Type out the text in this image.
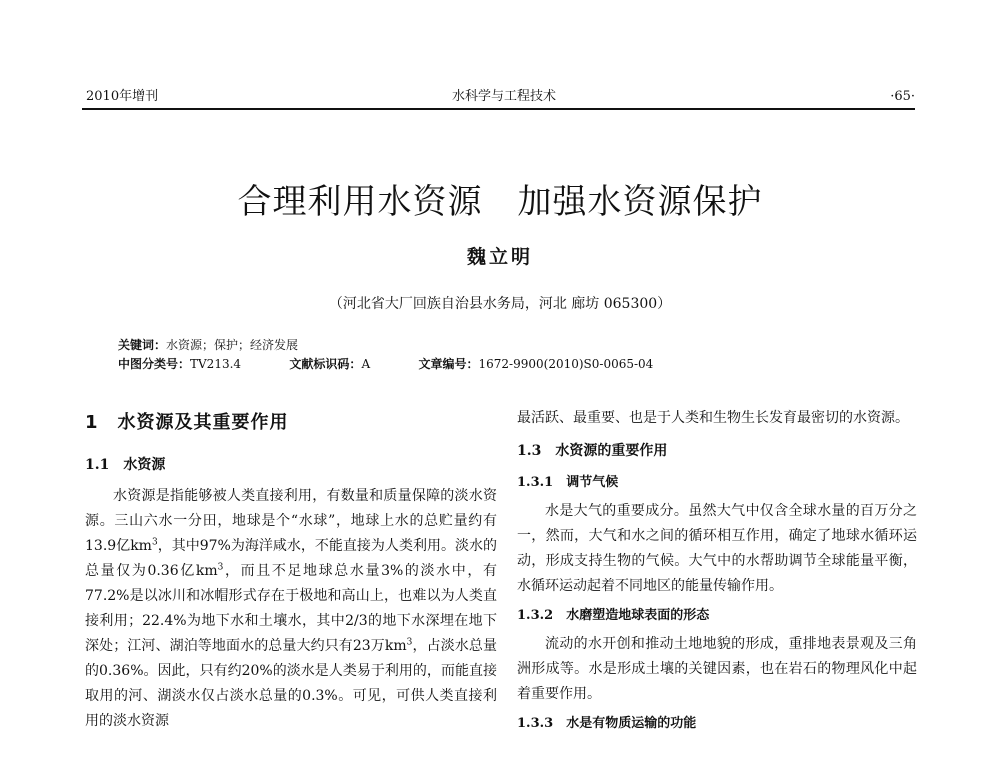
2010年增刊	水科学与工程技术	·65·
合理利用水资源　加强水资源保护
魏立明
（河北省大厂回族自治县水务局，河北 廊坊 065300）
关键词：水资源；保护；经济发展
中图分类号：TV213.4	文献标识码：A	文章编号：1672-9900(2010)S0-0065-04
1　水资源及其重要作用
1.1　水资源
水资源是指能够被人类直接利用，有数量和质量保障的淡水资源。三山六水一分田，地球是个“水球”，地球上水的总贮量约有13.9亿$km^3$，其中97%为海洋咸水，不能直接为人类利用。淡水的总量仅为0.36亿$km^3$，而且不足地球总水量3%的淡水中，有77.2%是以冰川和冰帽形式存在于极地和高山上，也难以为人类直接利用；22.4%为地下水和土壤水，其中2/3的地下水深埋在地下深处；江河、湖泊等地面水的总量大约只有23万$km^3$，占淡水总量的0.36%。因此，只有约20%的淡水是人类易于利用的，而能直接取用的河、湖淡水仅占淡水总量的0.3%。可见，可供人类直接利用的淡水资源
最活跃、最重要、也是于人类和生物生长发育最密切的水资源。
1.3　水资源的重要作用
1.3.1　调节气候
水是大气的重要成分。虽然大气中仅含全球水量的百万分之一，然而，大气和水之间的循环相互作用，确定了地球水循环运动，形成支持生物的气候。大气中的水帮助调节全球能量平衡，水循环运动起着不同地区的能量传输作用。
1.3.2　水磨塑造地球表面的形态
流动的水开创和推动土地地貌的形成，重排地表景观及三角洲形成等。水是形成土壤的关键因素，也在岩石的物理风化中起着重要作用。
1.3.3　水是有物质运输的功能
